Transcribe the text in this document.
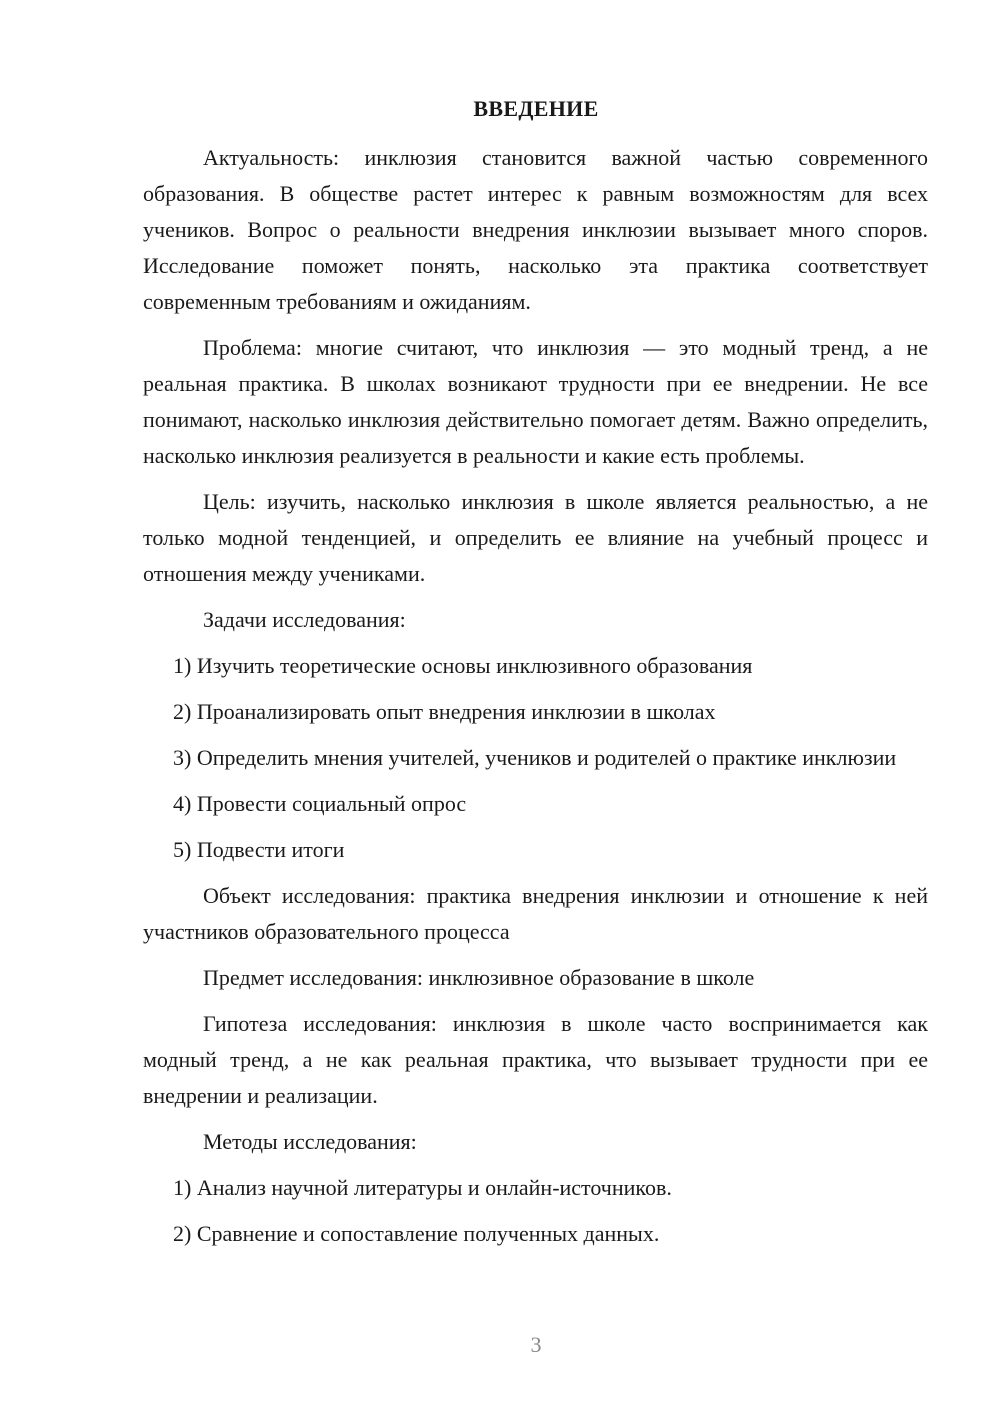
ВВЕДЕНИЕ

Актуальность: инклюзия становится важной частью современного образования. В обществе растет интерес к равным возможностям для всех учеников. Вопрос о реальности внедрения инклюзии вызывает много споров. Исследование поможет понять, насколько эта практика соответствует современным требованиям и ожиданиям.

Проблема: многие считают, что инклюзия — это модный тренд, а не реальная практика. В школах возникают трудности при ее внедрении. Не все понимают, насколько инклюзия действительно помогает детям. Важно определить, насколько инклюзия реализуется в реальности и какие есть проблемы.

Цель: изучить, насколько инклюзия в школе является реальностью, а не только модной тенденцией, и определить ее влияние на учебный процесс и отношения между учениками.

Задачи исследования:

1) Изучить теоретические основы инклюзивного образования

2) Проанализировать опыт внедрения инклюзии в школах

3) Определить мнения учителей, учеников и родителей о практике инклюзии

4) Провести социальный опрос

5) Подвести итоги

Объект исследования: практика внедрения инклюзии и отношение к ней участников образовательного процесса

Предмет исследования: инклюзивное образование в школе

Гипотеза исследования: инклюзия в школе часто воспринимается как модный тренд, а не как реальная практика, что вызывает трудности при ее внедрении и реализации.

Методы исследования:

1) Анализ научной литературы и онлайн-источников.

2) Сравнение и сопоставление полученных данных.

3
